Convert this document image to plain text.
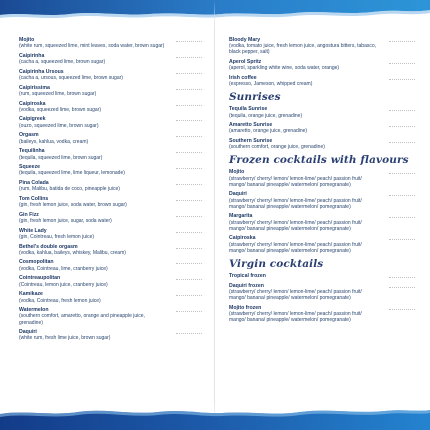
Mojito
(white rum, squeezed lime, mint leaves, soda water, brown sugar)
Caipirinha
(cacha a, squeezed lime, brown sugar)
Caipirinha Ursous
(cacha a, ursous, squeezed lime, brown sugar)
Caipirissima
(rum, squeezed lime, brown sugar)
Caipiroska
(vodka, squeezed lime, brown sugar)
Caipigreek
(ouzo, squeezed lime, brown sugar)
Orgasm
(baileys, kahlua, vodka, cream)
Tequilinha
(tequila, squeezed lime, brown sugar)
Squeeze
(tequila, squeezed lime, lime liqueur, lemonade)
Pina Colada
(rum, Malibu, batida de coco, pineapple juice)
Tom Collins
(gin, fresh lemon juice, soda water, brown sugar)
Gin Fizz
(gin, fresh lemon juice, sugar, soda water)
White Lady
(gin, Cointreau, fresh lemon juice)
Bethel's double orgasm
(vodka, kahlua, baileys, whiskey, Malibu, cream)
Cosmopolitan
(vodka, Cointreau, lime, cranberry juice)
Cointreaupolitan
(Cointreau, lemon juice, cranberry juice)
Kamikaze
(vodka, Cointreau, fresh lemon juice)
Watermelon
(southern comfort, amaretto, orange and pineapple juice, grenadine)
Daquiri
(white rum, fresh lime juice, brown sugar)
Bloody Mary
(vodka, tomato juice, fresh lemon juice, angostura bitters, tabasco, black pepper, salt)
Aperol Spritz
(aperol, sparkling white wine, soda water, orange)
Irish coffee
(espresso, Jameson, whipped cream)
Sunrises
Tequila Sunrise
(tequila, orange juice, grenadine)
Amaretto Sunrise
(amaretto, orange juice, grenadine)
Southern Sunrise
(southern comfort, orange juice, grenadine)
Frozen cocktails with flavours
Mojito
(strawberry/ cherry/ lemon/ lemon-lime/ peach/ passion fruit/ mango/ banana/ pineapple/ watermelon/ pomegranate)
Daquiri
(strawberry/ cherry/ lemon/ lemon-lime/ peach/ passion fruit/ mango/ banana/ pineapple/ watermelon/ pomegranate)
Margarita
(strawberry/ cherry/ lemon/ lemon-lime/ peach/ passion fruit/ mango/ banana/ pineapple/ watermelon/ pomegranate)
Caipiroska
(strawberry/ cherry/ lemon/ lemon-lime/ peach/ passion fruit/ mango/ banana/ pineapple/ watermelon/ pomegranate)
Virgin cocktails
Tropical frozen
Daquiri frozen
(strawberry/ cherry/ lemon/ lemon-lime/ peach/ passion fruit/ mango/ banana/ pineapple/ watermelon/ pomegranate)
Mojito frozen
(strawberry/ cherry/ lemon/ lemon-lime/ peach/ passion fruit/ mango/ banana/ pineapple/ watermelon/ pomegranate)
